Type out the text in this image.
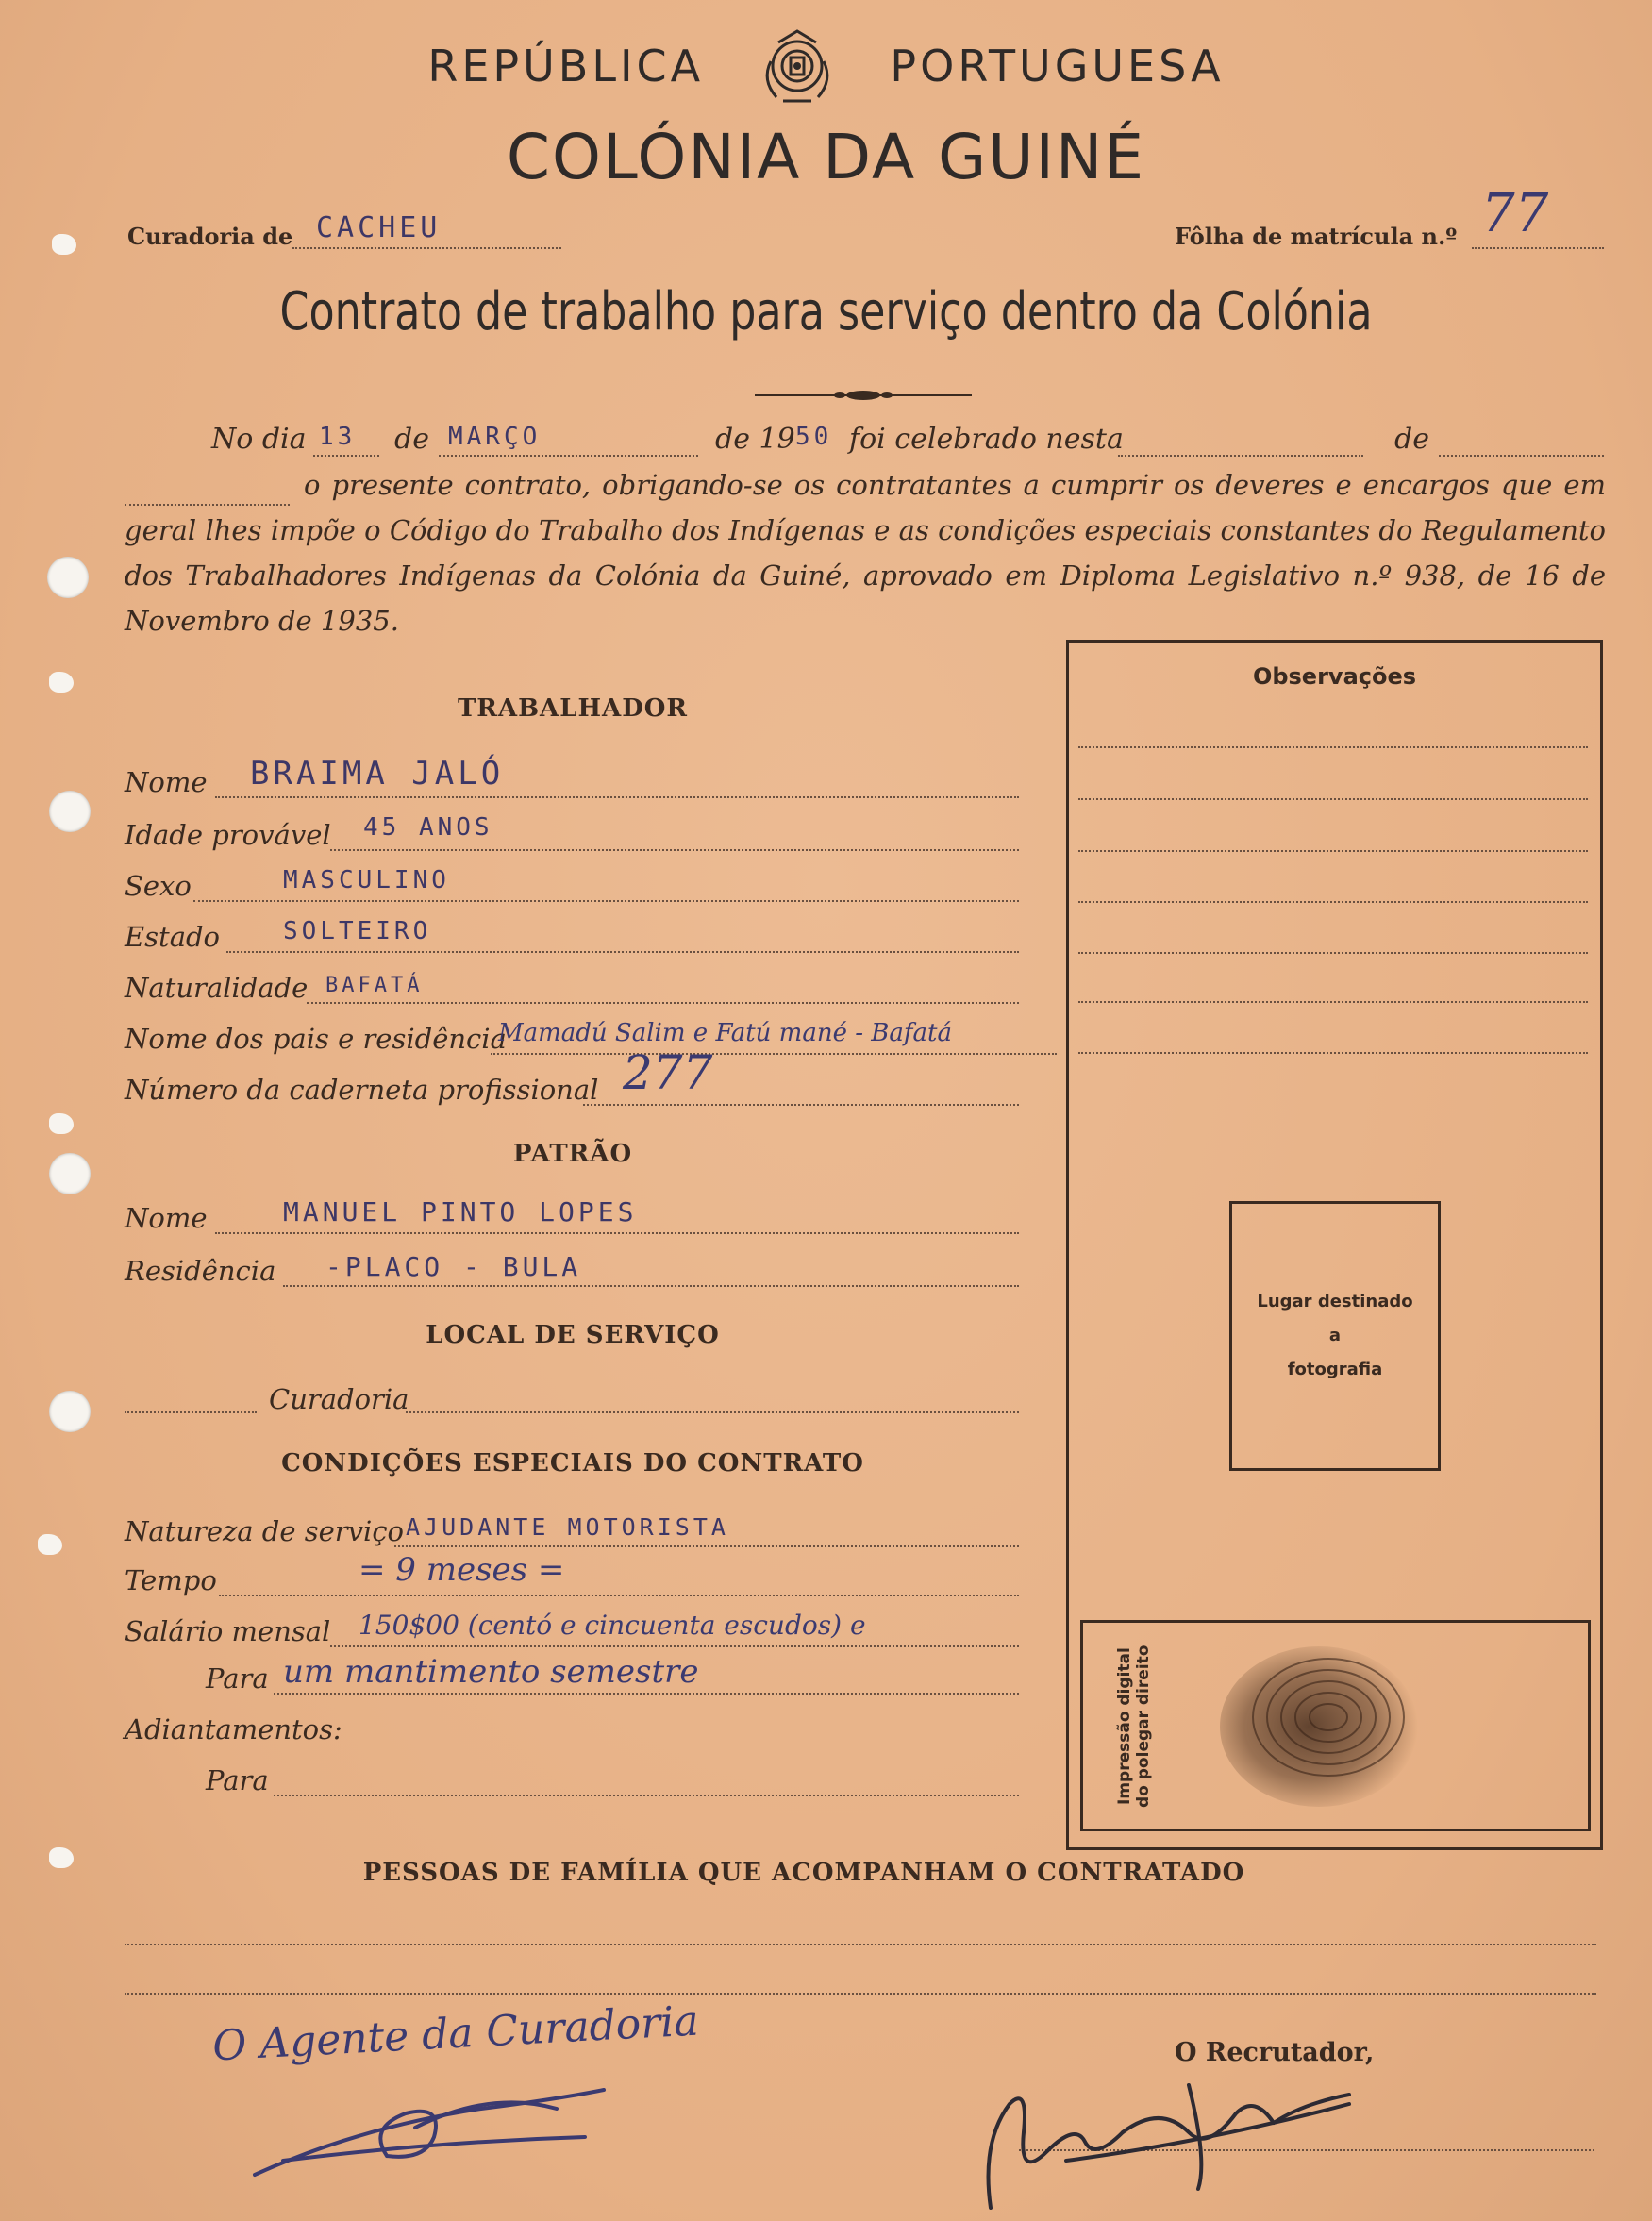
REPÚBLICA	PORTUGUESA
COLÓNIA DA GUINÉ
Curadoria de CACHEU	Fôlha de matrícula n.º 77
Contrato de trabalho para serviço dentro da Colónia
No dia 13 de MARÇO	de 19 50 foi celebrado nesta	de
o presente contrato, obrigando-se os contratantes a cumprir os deveres e encargos que em geral lhes impõe o Código do Trabalho dos Indígenas e as condições especiais constantes do Regulamento dos Trabalhadores Indígenas da Colónia da Guiné, aprovado em Diploma Legislativo n.º 938, de 16 de Novembro de 1935.
TRABALHADOR
Nome BRAIMA JALÓ
Idade provável 45 ANOS
Sexo	MASCULINO
Estado	SOLTEIRO
Naturalidade BAFATÁ
Nome dos pais e residência
Mamadú Salim e Fatú mané - Bafatá
Número da caderneta profissional 277
PATRÃO
Nome	MANUEL PINTO LOPES
Residência -PLACO - BULA
LOCAL DE SERVIÇO
Curadoria
CONDIÇÕES ESPECIAIS DO CONTRATO
Natureza de serviço AJUDANTE MOTORISTA
Tempo	= 9 meses =
Salário mensal 150$00 (centó e cincuenta escudos) e
Para um mantimento semestre
Adiantamentos:
Para
Observações
Lugar destinado
a
fotografia
Impressão digital do polegar direito
PESSOAS DE FAMÍLIA QUE ACOMPANHAM O CONTRATADO
O Agente da Curadoria	O Recrutador,
